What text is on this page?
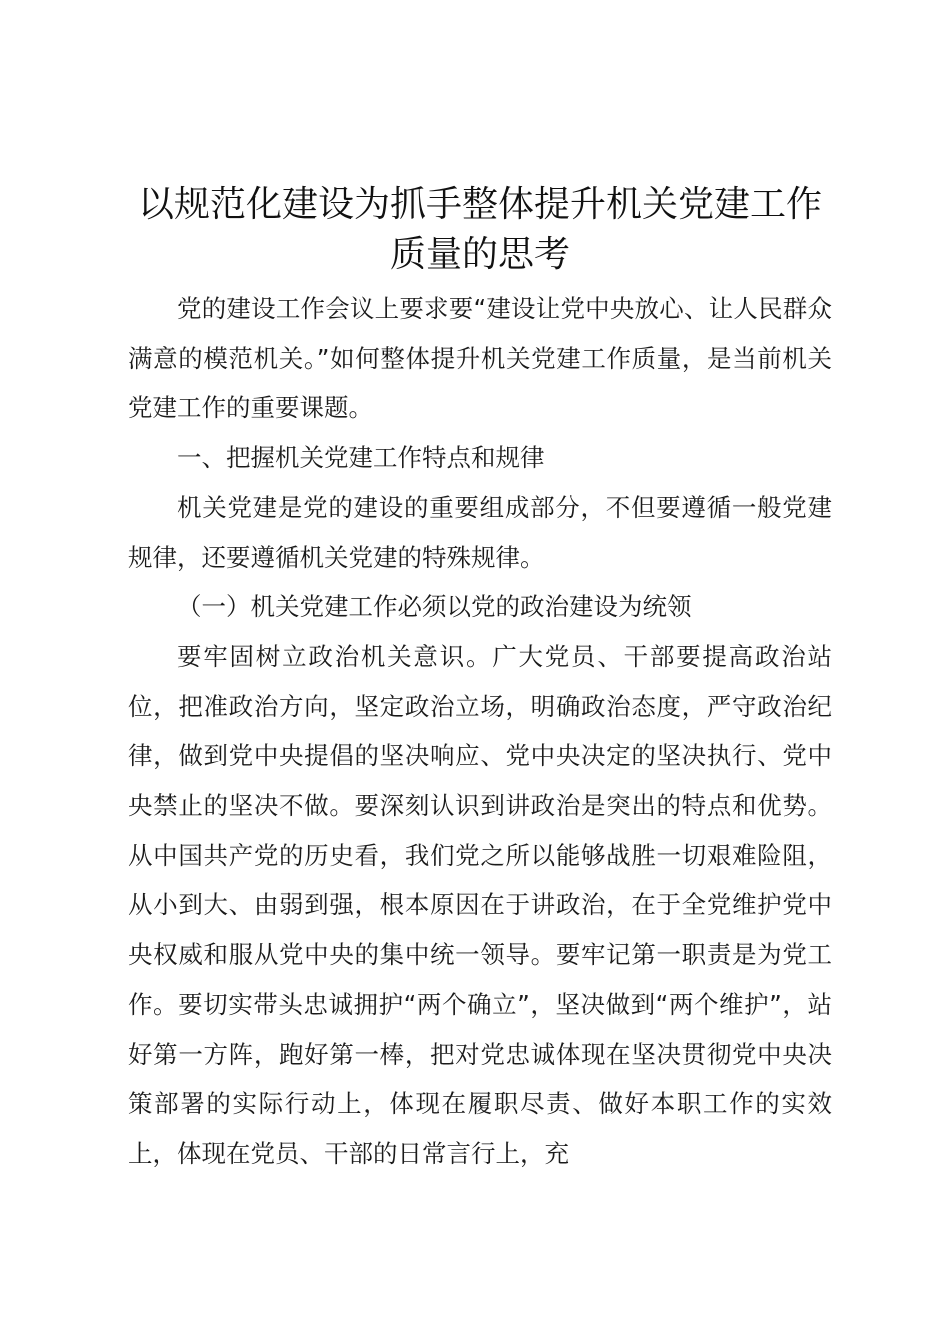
以规范化建设为抓手整体提升机关党建工作质量的思考

党的建设工作会议上要求要“建设让党中央放心、让人民群众满意的模范机关。”如何整体提升机关党建工作质量，是当前机关党建工作的重要课题。

一、把握机关党建工作特点和规律

机关党建是党的建设的重要组成部分，不但要遵循一般党建规律，还要遵循机关党建的特殊规律。

（一）机关党建工作必须以党的政治建设为统领

要牢固树立政治机关意识。广大党员、干部要提高政治站位，把准政治方向，坚定政治立场，明确政治态度，严守政治纪律，做到党中央提倡的坚决响应、党中央决定的坚决执行、党中央禁止的坚决不做。要深刻认识到讲政治是突出的特点和优势。从中国共产党的历史看，我们党之所以能够战胜一切艰难险阻，从小到大、由弱到强，根本原因在于讲政治，在于全党维护党中央权威和服从党中央的集中统一领导。要牢记第一职责是为党工作。要切实带头忠诚拥护“两个确立”，坚决做到“两个维护”，站好第一方阵，跑好第一棒，把对党忠诚体现在坚决贯彻党中央决策部署的实际行动上，体现在履职尽责、做好本职工作的实效上，体现在党员、干部的日常言行上，充
